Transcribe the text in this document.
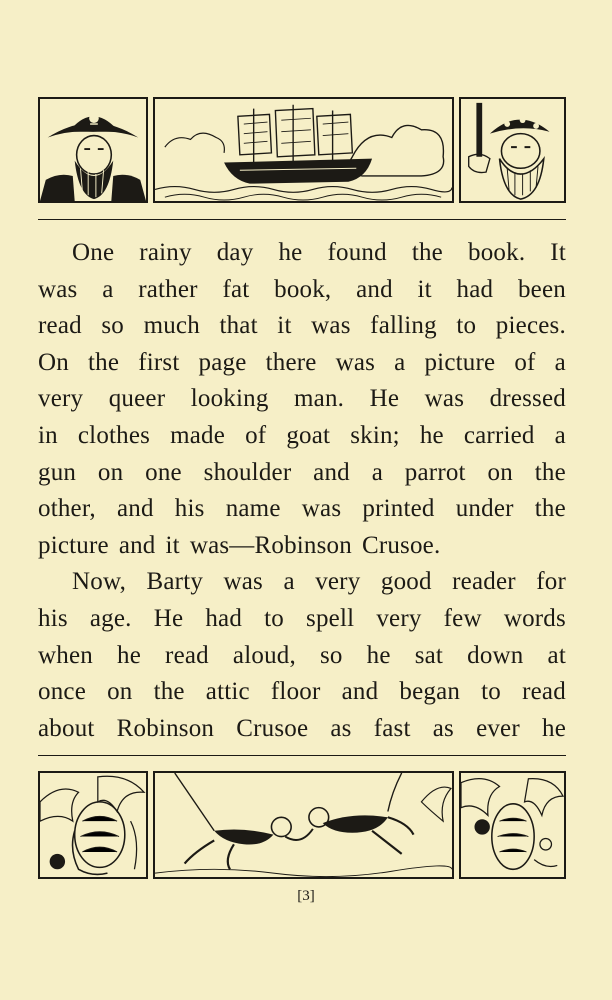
One rainy day he found the book. It
was a rather fat book, and it had been
read so much that it was falling to pieces.
On the first page there was a picture of a
very queer looking man. He was dressed
in clothes made of goat skin; he carried a
gun on one shoulder and a parrot on the
other, and his name was printed under the
picture and it was—Robinson Crusoe.
Now, Barty was a very good reader for
his age. He had to spell very few words
when he read aloud, so he sat down at
once on the attic floor and began to read
about Robinson Crusoe as fast as ever he
[3]
